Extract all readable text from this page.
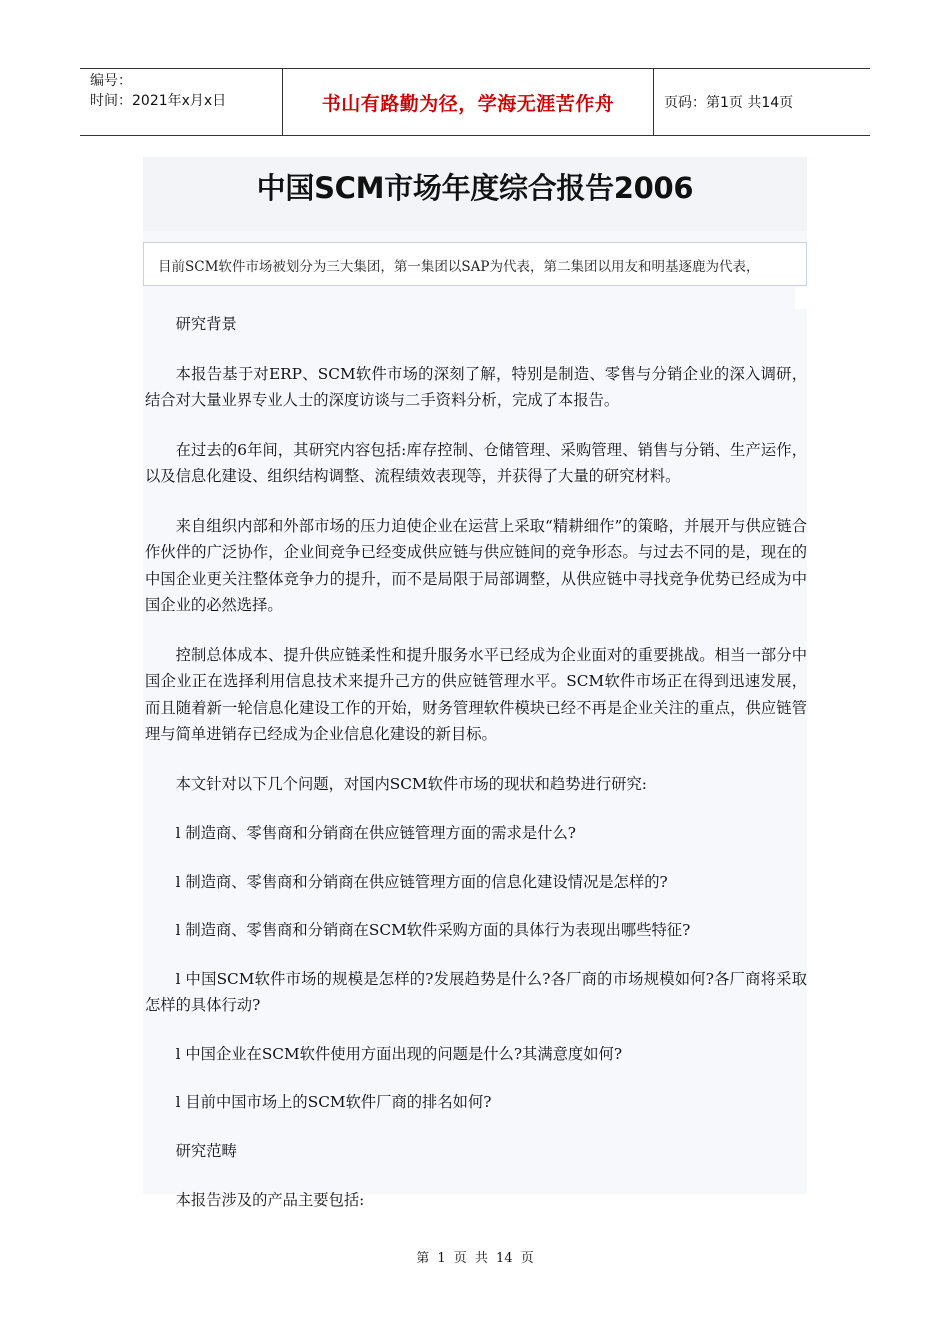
编号：
时间：2021年x月x日	书山有路勤为径，学海无涯苦作舟	页码：第1页 共14页
中国SCM市场年度综合报告2006
目前SCM软件市场被划分为三大集团，第一集团以SAP为代表，第二集团以用友和明基逐鹿为代表，

研究背景

本报告基于对ERP、SCM软件市场的深刻了解，特别是制造、零售与分销企业的深入调研，结合对大量业界专业人士的深度访谈与二手资料分析，完成了本报告。

在过去的6年间，其研究内容包括:库存控制、仓储管理、采购管理、销售与分销、生产运作，以及信息化建设、组织结构调整、流程绩效表现等，并获得了大量的研究材料。

来自组织内部和外部市场的压力迫使企业在运营上采取“精耕细作”的策略，并展开与供应链合作伙伴的广泛协作，企业间竞争已经变成供应链与供应链间的竞争形态。与过去不同的是，现在的中国企业更关注整体竞争力的提升，而不是局限于局部调整，从供应链中寻找竞争优势已经成为中国企业的必然选择。

控制总体成本、提升供应链柔性和提升服务水平已经成为企业面对的重要挑战。相当一部分中国企业正在选择利用信息技术来提升己方的供应链管理水平。SCM软件市场正在得到迅速发展，而且随着新一轮信息化建设工作的开始，财务管理软件模块已经不再是企业关注的重点，供应链管理与简单进销存已经成为企业信息化建设的新目标。

本文针对以下几个问题，对国内SCM软件市场的现状和趋势进行研究:

l 制造商、零售商和分销商在供应链管理方面的需求是什么?

l 制造商、零售商和分销商在供应链管理方面的信息化建设情况是怎样的?

l 制造商、零售商和分销商在SCM软件采购方面的具体行为表现出哪些特征?

l 中国SCM软件市场的规模是怎样的?发展趋势是什么?各厂商的市场规模如何?各厂商将采取怎样的具体行动?

l 中国企业在SCM软件使用方面出现的问题是什么?其满意度如何?

l 目前中国市场上的SCM软件厂商的排名如何?

研究范畴

本报告涉及的产品主要包括:

第 1 页 共 14 页
